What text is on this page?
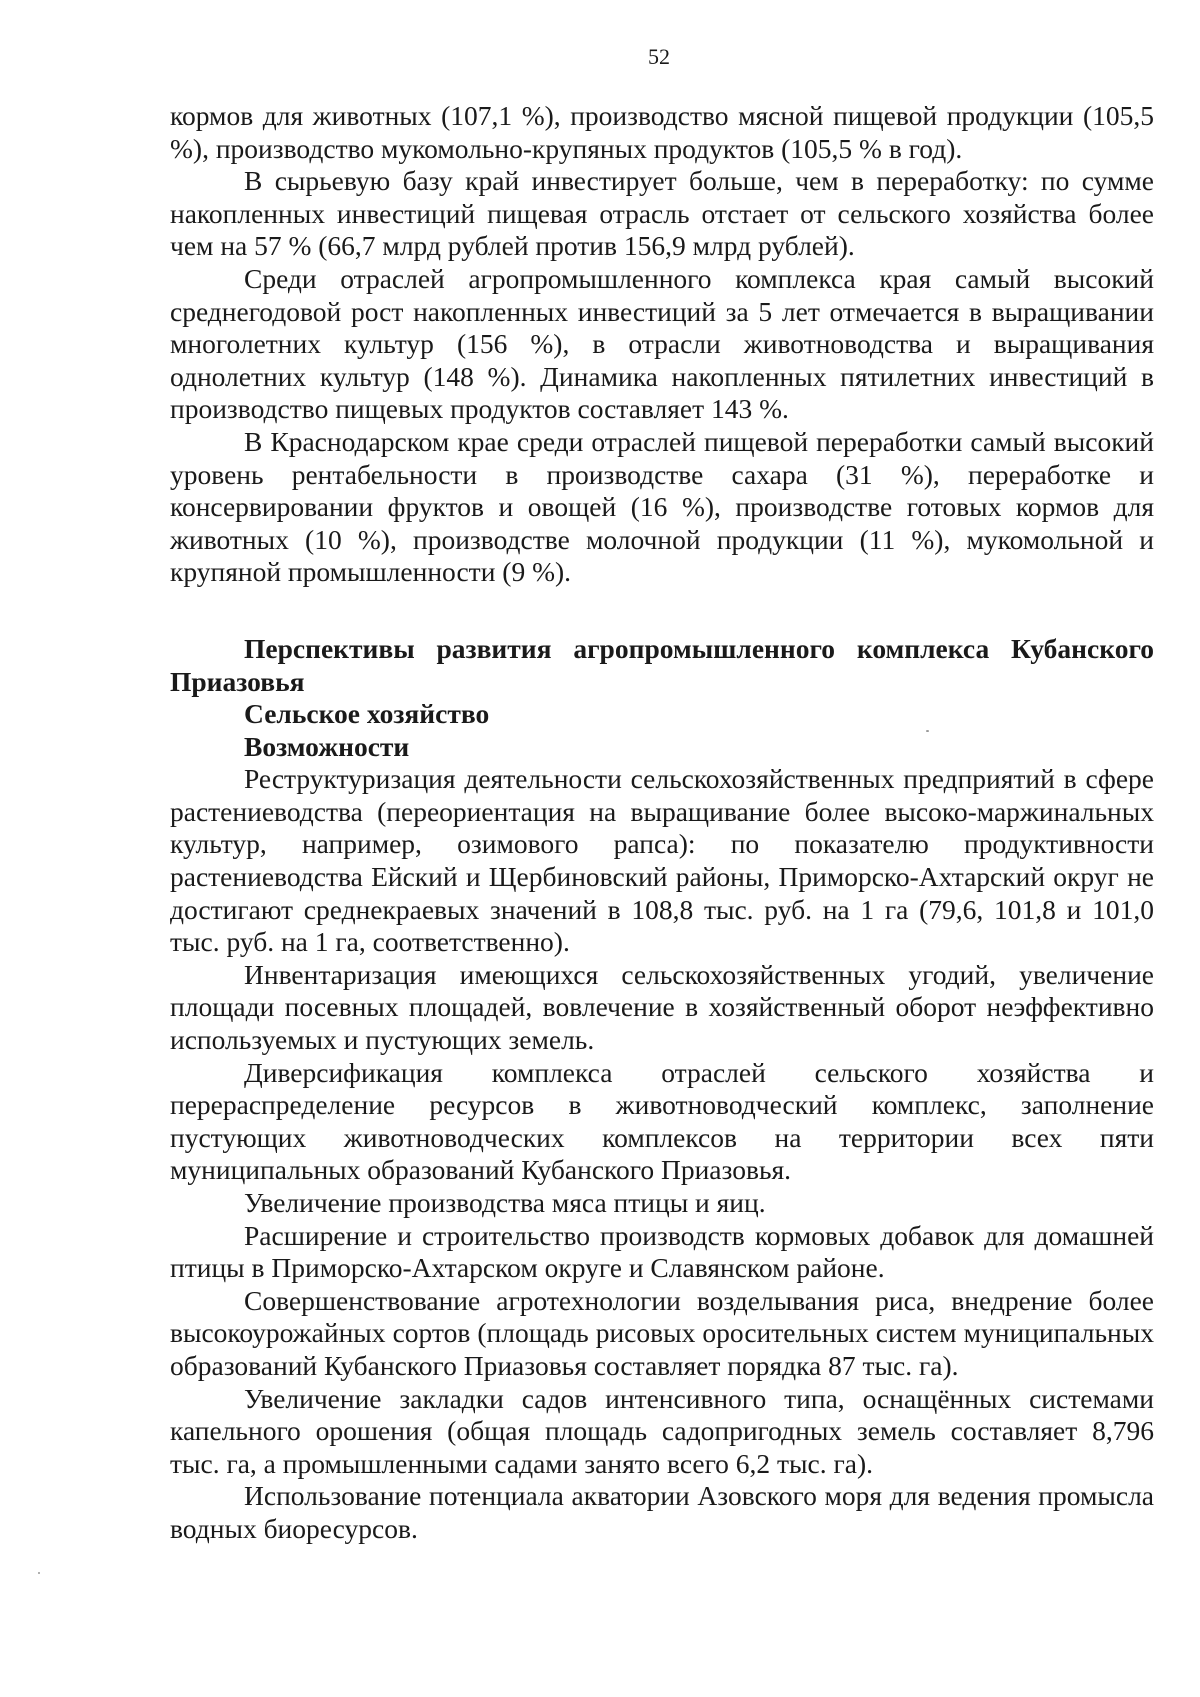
52

кормов для животных (107,1 %), производство мясной пищевой продукции (105,5 %), производство мукомольно-крупяных продуктов (105,5 % в год).

В сырьевую базу край инвестирует больше, чем в переработку: по сумме накопленных инвестиций пищевая отрасль отстает от сельского хозяйства более чем на 57 % (66,7 млрд рублей против 156,9 млрд рублей).

Среди отраслей агропромышленного комплекса края самый высокий среднегодовой рост накопленных инвестиций за 5 лет отмечается в выращивании многолетних культур (156 %), в отрасли животноводства и выращивания однолетних культур (148 %). Динамика накопленных пятилетних инвестиций в производство пищевых продуктов составляет 143 %.

В Краснодарском крае среди отраслей пищевой переработки самый высокий уровень рентабельности в производстве сахара (31 %), переработке и консервировании фруктов и овощей (16 %), производстве готовых кормов для животных (10 %), производстве молочной продукции (11 %), мукомольной и крупяной промышленности (9 %).

Перспективы развития агропромышленного комплекса Кубанского Приазовья
Сельское хозяйство
Возможности

Реструктуризация деятельности сельскохозяйственных предприятий в сфере растениеводства (переориентация на выращивание более высоко-маржинальных культур, например, озимового рапса): по показателю продуктивности растениеводства Ейский и Щербиновский районы, Приморско-Ахтарский округ не достигают среднекраевых значений в 108,8 тыс. руб. на 1 га (79,6, 101,8 и 101,0 тыс. руб. на 1 га, соответственно).

Инвентаризация имеющихся сельскохозяйственных угодий, увеличение площади посевных площадей, вовлечение в хозяйственный оборот неэффективно используемых и пустующих земель.

Диверсификация комплекса отраслей сельского хозяйства и перераспределение ресурсов в животноводческий комплекс, заполнение пустующих животноводческих комплексов на территории всех пяти муниципальных образований Кубанского Приазовья.

Увеличение производства мяса птицы и яиц.

Расширение и строительство производств кормовых добавок для домашней птицы в Приморско-Ахтарском округе и Славянском районе.

Совершенствование агротехнологии возделывания риса, внедрение более высокоурожайных сортов (площадь рисовых оросительных систем муниципальных образований Кубанского Приазовья составляет порядка 87 тыс. га).

Увеличение закладки садов интенсивного типа, оснащённых системами капельного орошения (общая площадь садопригодных земель составляет 8,796 тыс. га, а промышленными садами занято всего 6,2 тыс. га).

Использование потенциала акватории Азовского моря для ведения промысла водных биоресурсов.
